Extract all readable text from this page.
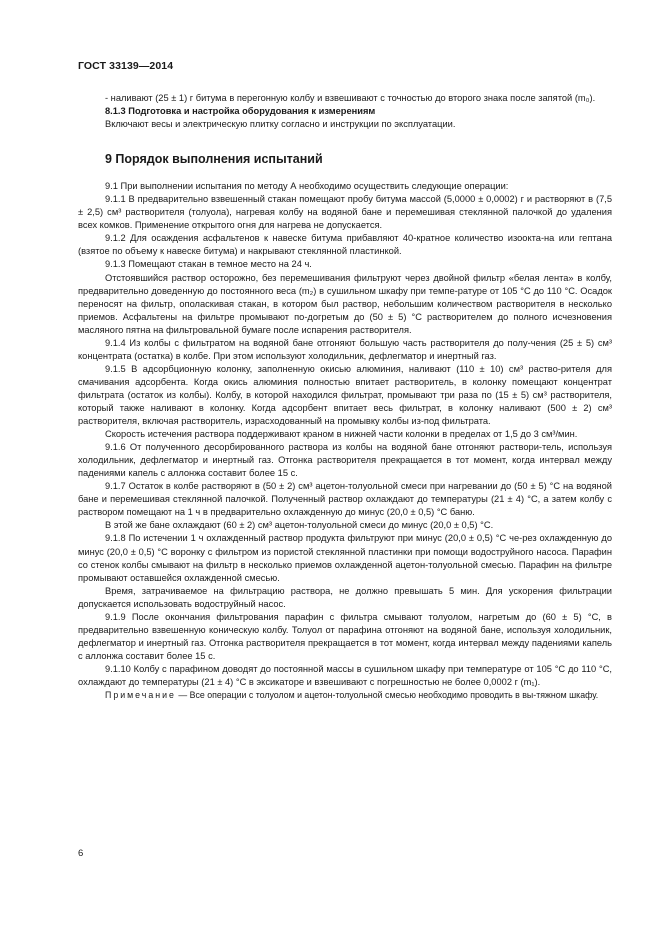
ГОСТ 33139—2014

- наливают (25 ± 1) г битума в перегонную колбу и взвешивают с точностью до второго знака после запятой (m₀).

8.1.3 Подготовка и настройка оборудования к измерениям

Включают весы и электрическую плитку согласно и инструкции по эксплуатации.

9 Порядок выполнения испытаний

9.1 При выполнении испытания по методу А необходимо осуществить следующие операции:

9.1.1 В предварительно взвешенный стакан помещают пробу битума массой (5,0000 ± 0,0002) г и растворяют в (7,5 ± 2,5) см³ растворителя (толуола), нагревая колбу на водяной бане и перемешивая стеклянной палочкой до удаления всех комков. Применение открытого огня для нагрева не допускается.

9.1.2 Для осаждения асфальтенов к навеске битума прибавляют 40-кратное количество изоокта-на или гептана (взятое по объему к навеске битума) и накрывают стеклянной пластинкой.

9.1.3 Помещают стакан в темное место на 24 ч.

Отстоявшийся раствор осторожно, без перемешивания фильтруют через двойной фильтр «белая лента» в колбу, предварительно доведенную до постоянного веса (m₂) в сушильном шкафу при темпе-ратуре от 105 °С до 110 °С. Осадок переносят на фильтр, ополаскивая стакан, в котором был раствор, небольшим количеством растворителя в несколько приемов. Асфальтены на фильтре промывают по-догретым до (50 ± 5) °С растворителем до полного исчезновения масляного пятна на фильтровальной бумаге после испарения растворителя.

9.1.4 Из колбы с фильтратом на водяной бане отгоняют большую часть растворителя до полу-чения (25 ± 5) см³ концентрата (остатка) в колбе. При этом используют холодильник, дефлегматор и инертный газ.

9.1.5 В адсорбционную колонку, заполненную окисью алюминия, наливают (110 ± 10) см³ раство-рителя для смачивания адсорбента. Когда окись алюминия полностью впитает растворитель, в колонку помещают концентрат фильтрата (остаток из колбы). Колбу, в которой находился фильтрат, промывают три раза по (15 ± 5) см³ растворителя, который также наливают в колонку. Когда адсорбент впитает весь фильтрат, в колонку наливают (500 ± 2) см³ растворителя, включая растворитель, израсходованный на промывку колбы из-под фильтрата.

Скорость истечения раствора поддерживают краном в нижней части колонки в пределах от 1,5 до 3 см³/мин.

9.1.6 От полученного десорбированного раствора из колбы на водяной бане отгоняют раствори-тель, используя холодильник, дефлегматор и инертный газ. Отгонка растворителя прекращается в тот момент, когда интервал между падениями капель с аллонжа составит более 15 с.

9.1.7 Остаток в колбе растворяют в (50 ± 2) см³ ацетон-толуольной смеси при нагревании до (50 ± 5) °С на водяной бане и перемешивая стеклянной палочкой. Полученный раствор охлаждают до температуры (21 ± 4) °С, а затем колбу с раствором помещают на 1 ч в предварительно охлажденную до минус (20,0 ± 0,5) °С баню.

В этой же бане охлаждают (60 ± 2) см³ ацетон-толуольной смеси до минус (20,0 ± 0,5) °С.

9.1.8 По истечении 1 ч охлажденный раствор продукта фильтруют при минус (20,0 ± 0,5) °С че-рез охлажденную до минус (20,0 ± 0,5) °С воронку с фильтром из пористой стеклянной пластинки при помощи водоструйного насоса. Парафин со стенок колбы смывают на фильтр в несколько приемов охлажденной ацетон-толуольной смесью. Парафин на фильтре промывают оставшейся охлажденной смесью.

Время, затрачиваемое на фильтрацию раствора, не должно превышать 5 мин. Для ускорения фильтрации допускается использовать водоструйный насос.

9.1.9 После окончания фильтрования парафин с фильтра смывают толуолом, нагретым до (60 ± 5) °С, в предварительно взвешенную коническую колбу. Толуол от парафина отгоняют на водяной бане, используя холодильник, дефлегматор и инертный газ. Отгонка растворителя прекращается в тот момент, когда интервал между падениями капель с аллонжа составит более 15 с.

9.1.10 Колбу с парафином доводят до постоянной массы в сушильном шкафу при температуре от 105 °С до 110 °С, охлаждают до температуры (21 ± 4) °С в эксикаторе и взвешивают с погрешностью не более 0,0002 г (m₁).

Примечание — Все операции с толуолом и ацетон-толуольной смесью необходимо проводить в вы-тяжном шкафу.

6
